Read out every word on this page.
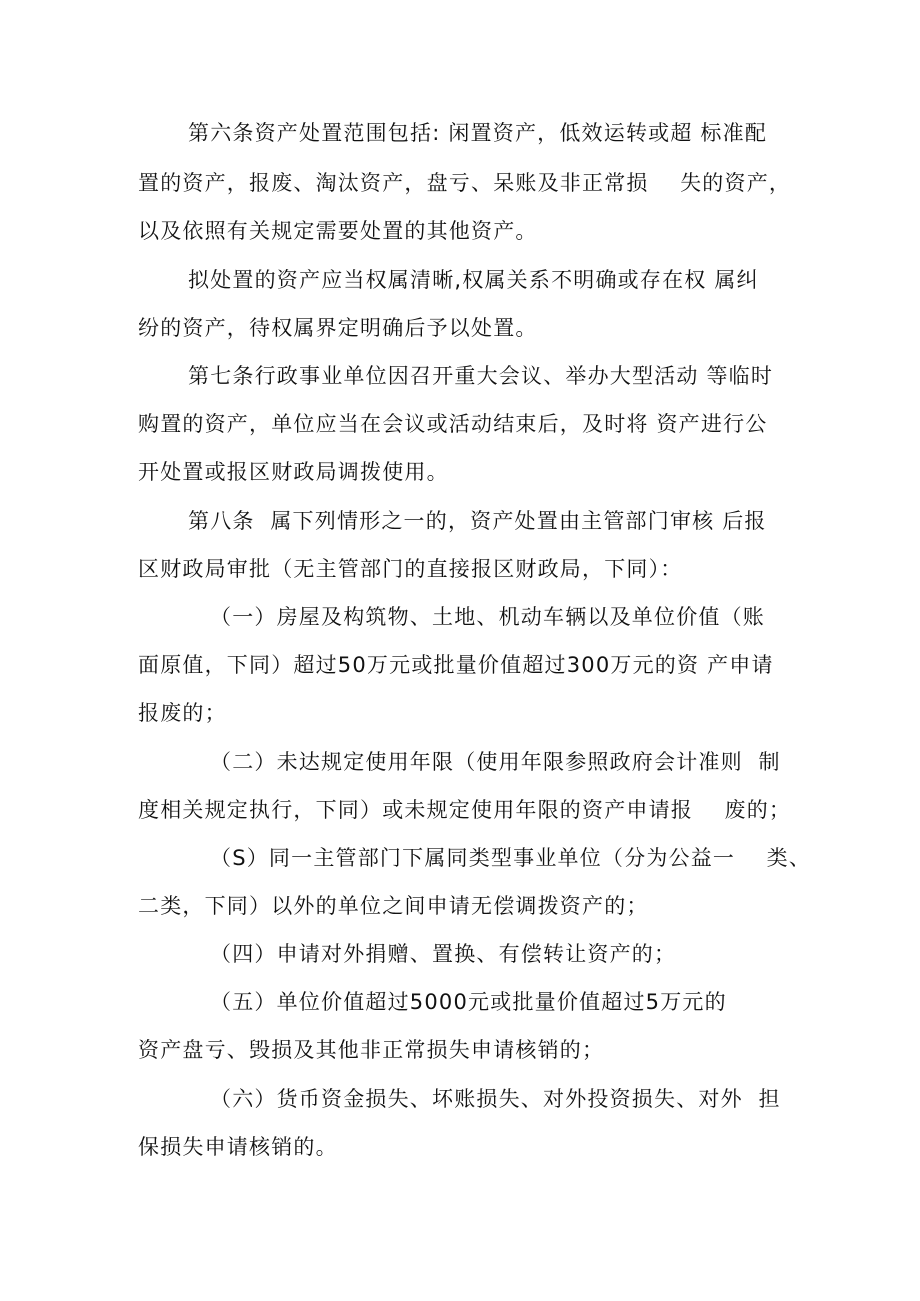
第六条资产处置范围包括: 闲置资产，低效运转或超 标准配
置的资产，报废、淘汰资产，盘亏、呆账及非正常损    失的资产，
以及依照有关规定需要处置的其他资产。
拟处置的资产应当权属清晰,权属关系不明确或存在权 属纠
纷的资产，待权属界定明确后予以处置。
第七条行政事业单位因召开重大会议、举办大型活动 等临时
购置的资产，单位应当在会议或活动结束后，及时将 资产进行公
开处置或报区财政局调拨使用。
第八条  属下列情形之一的，资产处置由主管部门审核 后报
区财政局审批（无主管部门的直接报区财政局，下同）：
（一）房屋及构筑物、土地、机动车辆以及单位价值（账
面原值，下同）超过50万元或批量价值超过300万元的资 产申请
报废的；
（二）未达规定使用年限（使用年限参照政府会计准则  制
度相关规定执行，下同）或未规定使用年限的资产申请报    废的；
（S）同一主管部门下属同类型事业单位（分为公益一    类、
二类，下同）以外的单位之间申请无偿调拨资产的；
（四）申请对外捐赠、置换、有偿转让资产的；
（五）单位价值超过5000元或批量价值超过5万元的
资产盘亏、毁损及其他非正常损失申请核销的；
（六）货币资金损失、坏账损失、对外投资损失、对外  担
保损失申请核销的。
